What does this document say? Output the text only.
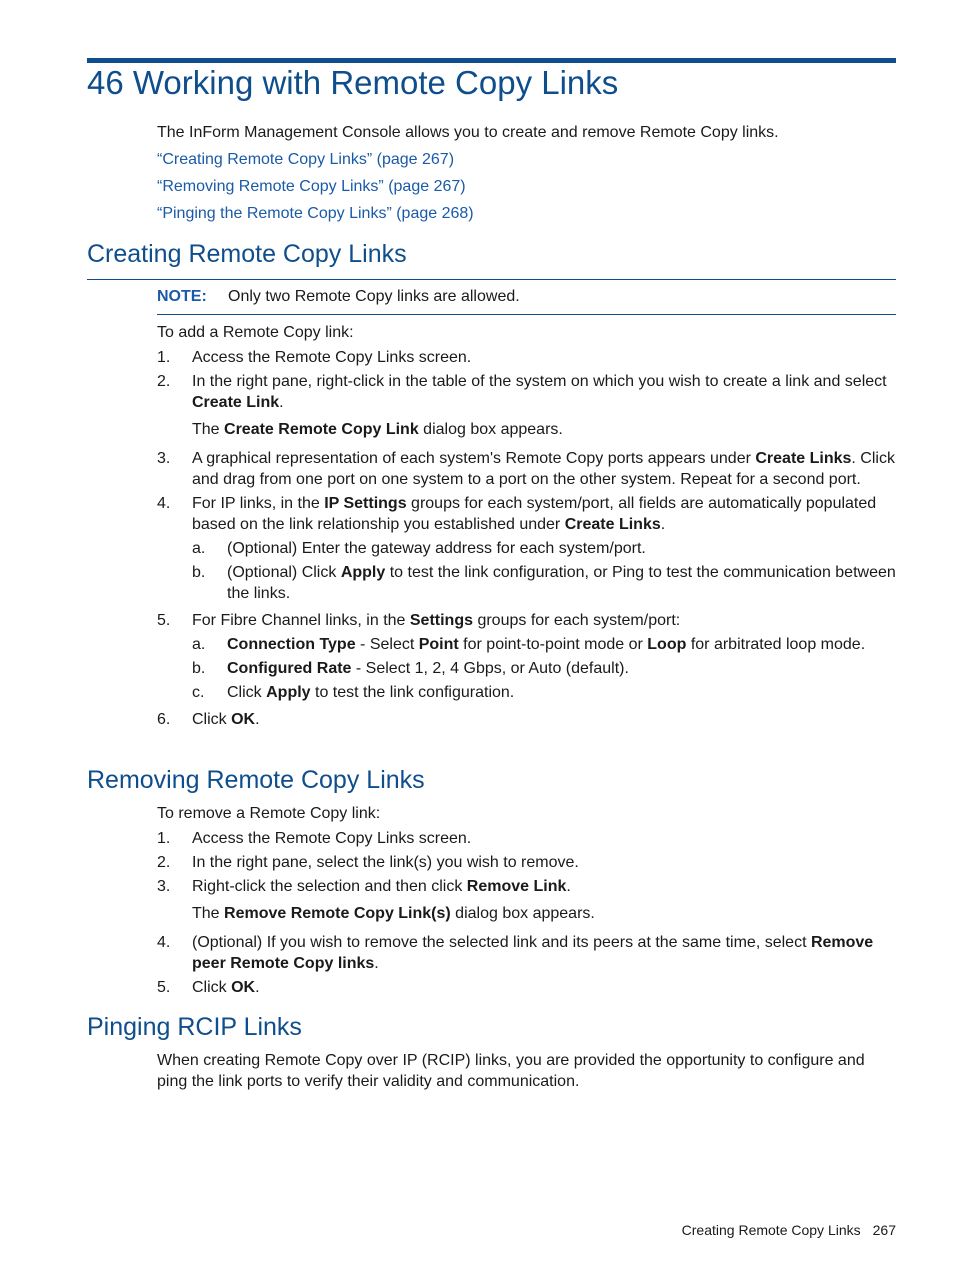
46 Working with Remote Copy Links

The InForm Management Console allows you to create and remove Remote Copy links.

“Creating Remote Copy Links” (page 267)
“Removing Remote Copy Links” (page 267)
“Pinging the Remote Copy Links” (page 268)
Creating Remote Copy Links
NOTE: Only two Remote Copy links are allowed.

To add a Remote Copy link:

1. Access the Remote Copy Links screen.
2. In the right pane, right-click in the table of the system on which you wish to create a link and select Create Link.
The Create Remote Copy Link dialog box appears.
3. A graphical representation of each system's Remote Copy ports appears under Create Links. Click and drag from one port on one system to a port on the other system. Repeat for a second port.
4. For IP links, in the IP Settings groups for each system/port, all fields are automatically populated based on the link relationship you established under Create Links.
a. (Optional) Enter the gateway address for each system/port.
b. (Optional) Click Apply to test the link configuration, or Ping to test the communication between the links.
5. For Fibre Channel links, in the Settings groups for each system/port:
a. Connection Type - Select Point for point-to-point mode or Loop for arbitrated loop mode.
b. Configured Rate - Select 1, 2, 4 Gbps, or Auto (default).
c. Click Apply to test the link configuration.
6. Click OK.
Removing Remote Copy Links

To remove a Remote Copy link:

1. Access the Remote Copy Links screen.
2. In the right pane, select the link(s) you wish to remove.
3. Right-click the selection and then click Remove Link.
The Remove Remote Copy Link(s) dialog box appears.
4. (Optional) If you wish to remove the selected link and its peers at the same time, select Remove peer Remote Copy links.
5. Click OK.
Pinging RCIP Links

When creating Remote Copy over IP (RCIP) links, you are provided the opportunity to configure and ping the link ports to verify their validity and communication.

Creating Remote Copy Links 267
